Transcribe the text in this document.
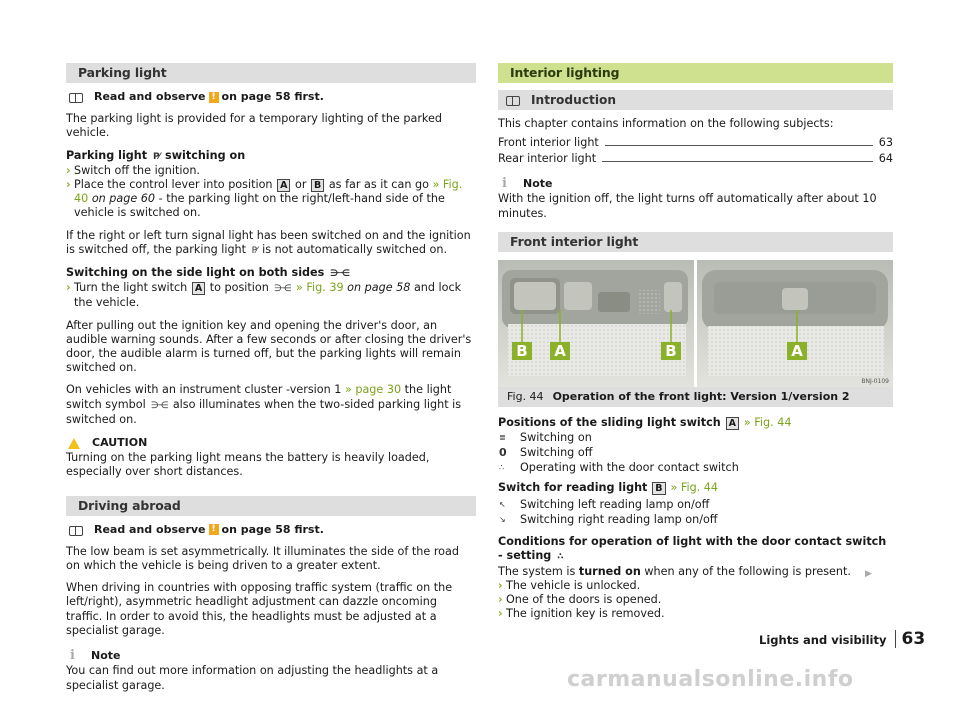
Parking light
Read and observe ! on page 58 first.

The parking light is provided for a temporary lighting of the parked vehicle.

Parking light P⁄ switching on

› Switch off the ignition.
› Place the control lever into position A or B as far as it can go » Fig. 40 on page 60 - the parking light on the right/left-hand side of the vehicle is switched on.

If the right or left turn signal light has been switched on and the ignition is switched off, the parking light P⁄ is not automatically switched on.

Switching on the side light on both sides ⋺⋲

› Turn the light switch A to position ⋺⋲ » Fig. 39 on page 58 and lock the vehicle.

After pulling out the ignition key and opening the driver's door, an audible warning sounds. After a few seconds or after closing the driver's door, the audible alarm is turned off, but the parking lights will remain switched on.

On vehicles with an instrument cluster -version 1 » page 30 the light switch symbol ⋺⋲ also illuminates when the two-sided parking light is switched on.

CAUTION

Turning on the parking light means the battery is heavily loaded, especially over short distances.

Driving abroad
Read and observe ! on page 58 first.

The low beam is set asymmetrically. It illuminates the side of the road on which the vehicle is being driven to a greater extent.

When driving in countries with opposing traffic system (traffic on the left/right), asymmetric headlight adjustment can dazzle oncoming traffic. In order to avoid this, the headlights must be adjusted at a specialist garage.

i Note

You can find out more information on adjusting the headlights at a specialist garage.

Interior lighting
Introduction

This chapter contains information on the following subjects:

Front interior light	63
Rear interior light	64
i Note

With the ignition off, the light turns off automatically after about 10 minutes.

Front interior light
B A	B	A
BNJ-0109
Fig. 44 Operation of the front light: Version 1/version 2

Positions of the sliding light switch A » Fig. 44

≣	Switching on
0	Switching off
∴	Operating with the door contact switch

Switch for reading light B » Fig. 44

↖	Switching left reading lamp on/off
↘	Switching right reading lamp on/off

Conditions for operation of light with the door contact switch - setting ∴

The system is turned on when any of the following is present.
› The vehicle is unlocked.
› One of the doors is opened.
› The ignition key is removed.
▶
Lights and visibility 63
carmanualsonline.info
